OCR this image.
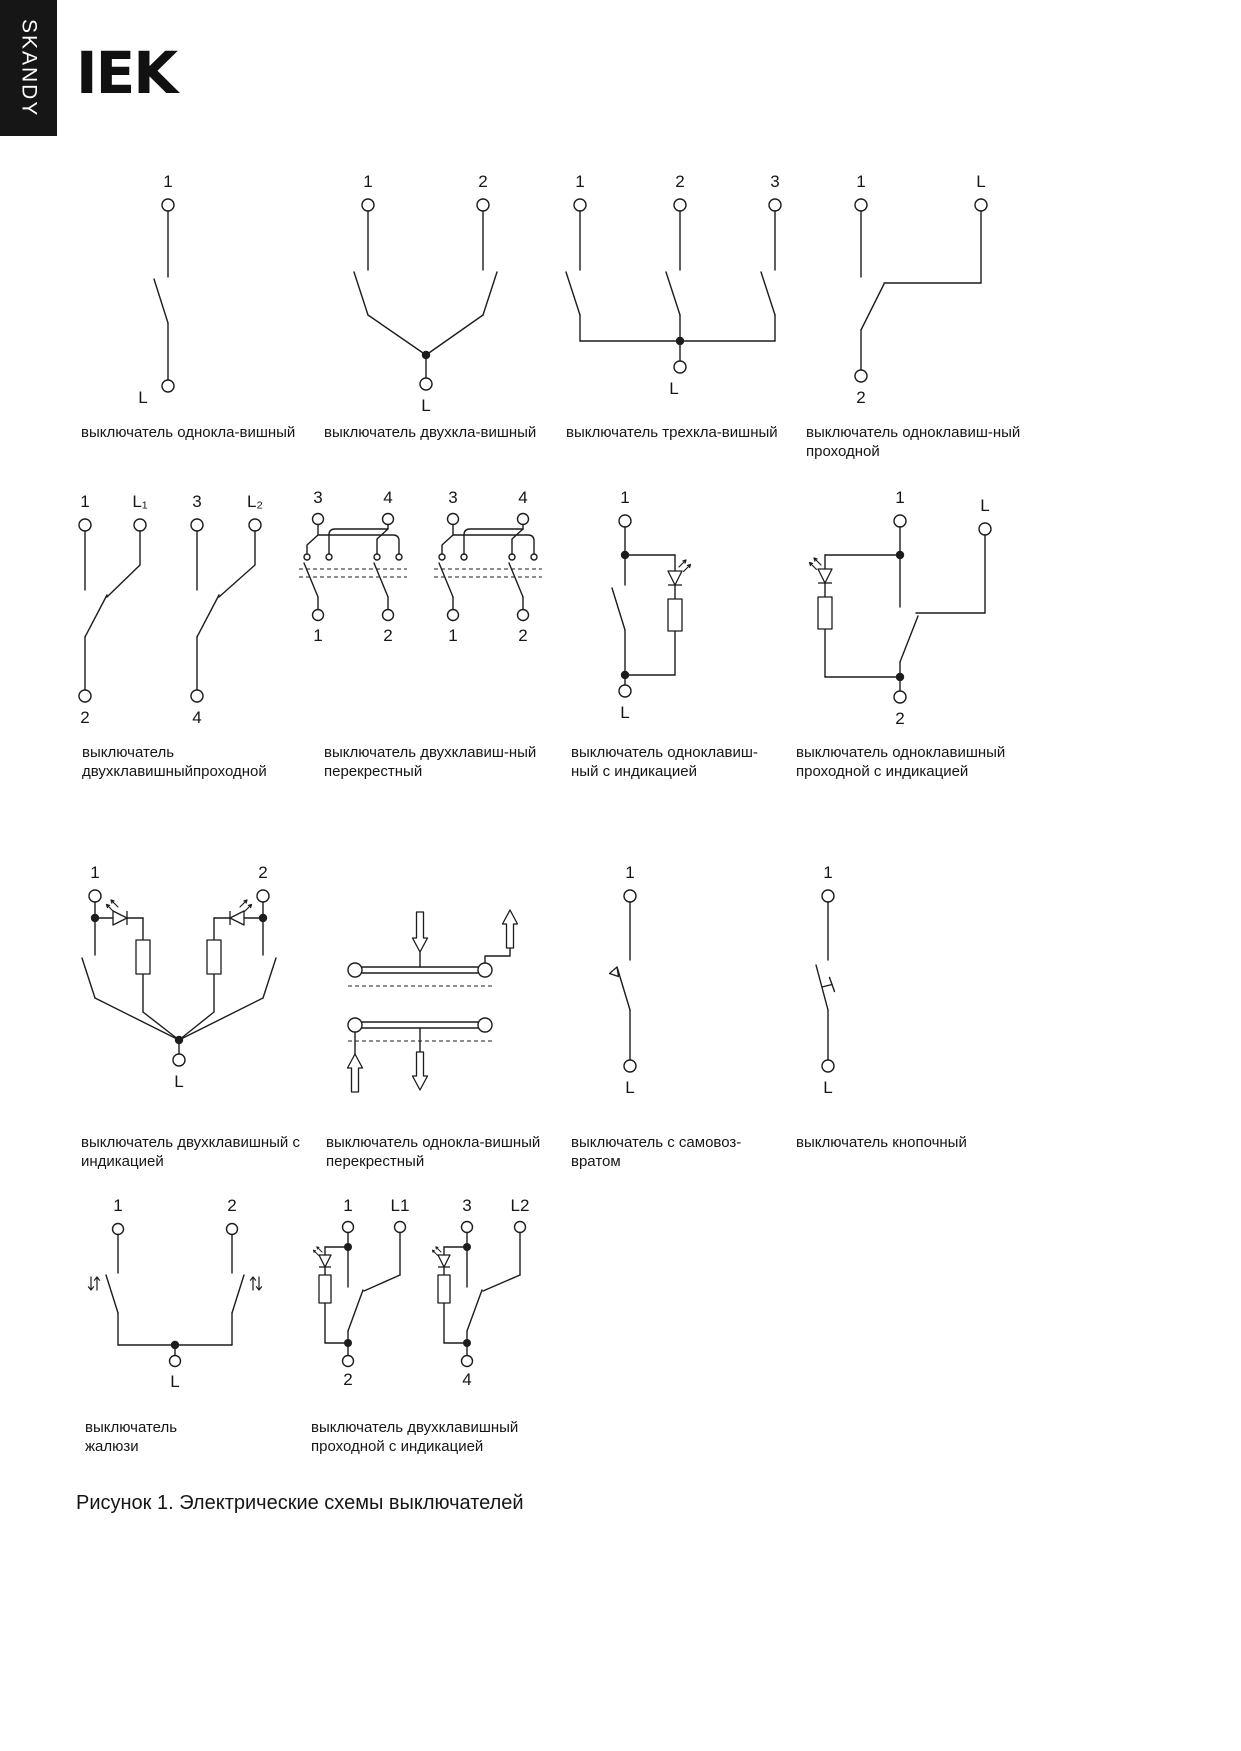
SKANDY IEK
1
L
выключатель однокла-вишный
1	2
L
выключатель двухкла-вишный
1	2	3
L
выключатель трехкла-вишный
1	L
2
выключатель одноклавиш-ный
проходной
1	L₁	3	L₂
2	4
выключатель
двухклавишныйпроходной
3	4
1	2
3	4
1	2
выключатель двухклавиш-ный
перекрестный
1
L
выключатель одноклавиш-
ный с индикацией
1	L
2
выключатель одноклавишный
проходной с индикацией
1	2
L
выключатель двухклавишный с
индикацией
выключатель однокла-вишный
перекрестный
1
L
выключатель с самовоз-
вратом
1
L
выключатель кнопочный
1	2
L
выключатель
жалюзи
1 L1	3 L2
2	4
выключатель двухклавишный
проходной с индикацией
Рисунок 1. Электрические схемы выключателей
